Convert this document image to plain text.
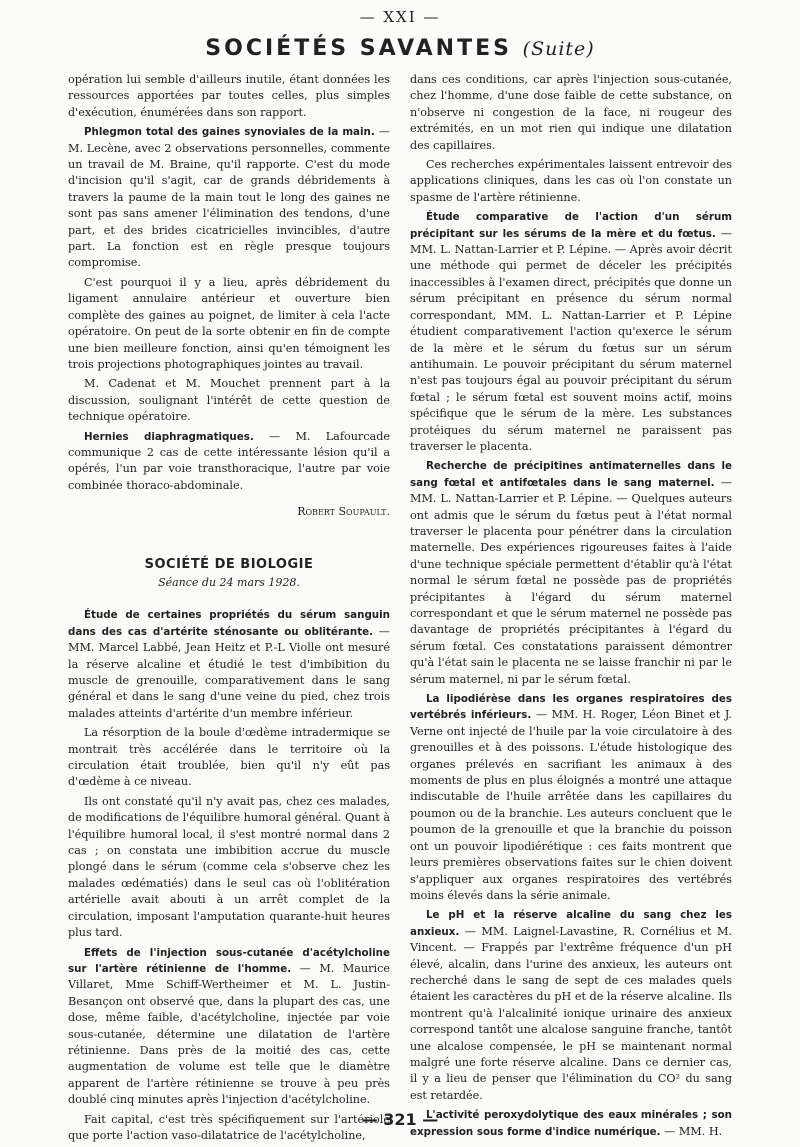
— XXI —
SOCIÉTÉS SAVANTES (Suite)

opération lui semble d'ailleurs inutile, étant données les ressources apportées par toutes celles, plus simples d'exécution, énumérées dans son rapport.

Phlegmon total des gaines synoviales de la main. — M. Lecène, avec 2 observations personnelles, commente un travail de M. Braine, qu'il rapporte. C'est du mode d'incision qu'il s'agit, car de grands débridements à travers la paume de la main tout le long des gaines ne sont pas sans amener l'élimination des tendons, d'une part, et des brides cicatricielles invincibles, d'autre part. La fonction est en règle presque toujours compromise.

C'est pourquoi il y a lieu, après débridement du ligament annulaire antérieur et ouverture bien complète des gaines au poignet, de limiter à cela l'acte opératoire. On peut de la sorte obtenir en fin de compte une bien meilleure fonction, ainsi qu'en témoignent les trois projections photographiques jointes au travail.

M. Cadenat et M. Mouchet prennent part à la discussion, soulignant l'intérêt de cette question de technique opératoire.

Hernies diaphragmatiques. — M. Lafourcade communique 2 cas de cette intéressante lésion qu'il a opérés, l'un par voie transthoracique, l'autre par voie combinée thoraco-abdominale.

Robert Soupault.
SOCIÉTÉ DE BIOLOGIE
Séance du 24 mars 1928.

Étude de certaines propriétés du sérum sanguin dans des cas d'artérite sténosante ou oblitérante. — MM. Marcel Labbé, Jean Heitz et P.-L Violle ont mesuré la réserve alcaline et étudié le test d'imbibition du muscle de grenouille, comparativement dans le sang général et dans le sang d'une veine du pied, chez trois malades atteints d'artérite d'un membre inférieur.

La résorption de la boule d'œdème intradermique se montrait très accélérée dans le territoire où la circulation était troublée, bien qu'il n'y eût pas d'œdème à ce niveau.

Ils ont constaté qu'il n'y avait pas, chez ces malades, de modifications de l'équilibre humoral général. Quant à l'équilibre humoral local, il s'est montré normal dans 2 cas ; on constata une imbibition accrue du muscle plongé dans le sérum (comme cela s'observe chez les malades œdématiés) dans le seul cas où l'oblitération artérielle avait abouti à un arrêt complet de la circulation, imposant l'amputation quarante-huit heures plus tard.

Effets de l'injection sous-cutanée d'acétylcholine sur l'artère rétinienne de l'homme. — M. Maurice Villaret, Mme Schiff-Wertheimer et M. L. Justin-Besançon ont observé que, dans la plupart des cas, une dose, même faible, d'acétylcholine, injectée par voie sous-cutanée, détermine une dilatation de l'artère rétinienne. Dans près de la moitié des cas, cette augmentation de volume est telle que le diamètre apparent de l'artère rétinienne se trouve à peu près doublé cinq minutes après l'injection d'acétylcholine.

Fait capital, c'est très spécifiquement sur l'artériole que porte l'action vaso-dilatatrice de l'acétylcholine,

dans ces conditions, car après l'injection sous-cutanée, chez l'homme, d'une dose faible de cette substance, on n'observe ni congestion de la face, ni rougeur des extrémités, en un mot rien qui indique une dilatation des capillaires.

Ces recherches expérimentales laissent entrevoir des applications cliniques, dans les cas où l'on constate un spasme de l'artère rétinienne.

Étude comparative de l'action d'un sérum précipitant sur les sérums de la mère et du fœtus. — MM. L. Nattan-Larrier et P. Lépine. — Après avoir décrit une méthode qui permet de déceler les précipités inaccessibles à l'examen direct, précipités que donne un sérum précipitant en présence du sérum normal correspondant, MM. L. Nattan-Larrier et P. Lépine étudient comparativement l'action qu'exerce le sérum de la mère et le sérum du fœtus sur un sérum antihumain. Le pouvoir précipitant du sérum maternel n'est pas toujours égal au pouvoir précipitant du sérum fœtal ; le sérum fœtal est souvent moins actif, moins spécifique que le sérum de la mère. Les substances protéiques du sérum maternel ne paraissent pas traverser le placenta.

Recherche de précipitines antimaternelles dans le sang fœtal et antifœtales dans le sang maternel. — MM. L. Nattan-Larrier et P. Lépine. — Quelques auteurs ont admis que le sérum du fœtus peut à l'état normal traverser le placenta pour pénétrer dans la circulation maternelle. Des expériences rigoureuses faites à l'aide d'une technique spéciale permettent d'établir qu'à l'état normal le sérum fœtal ne possède pas de propriétés précipitantes à l'égard du sérum maternel correspondant et que le sérum maternel ne possède pas davantage de propriétés précipitantes à l'égard du sérum fœtal. Ces constatations paraissent démontrer qu'à l'état sain le placenta ne se laisse franchir ni par le sérum maternel, ni par le sérum fœtal.

La lipodiérèse dans les organes respiratoires des vertébrés inférieurs. — MM. H. Roger, Léon Binet et J. Verne ont injecté de l'huile par la voie circulatoire à des grenouilles et à des poissons. L'étude histologique des organes prélevés en sacrifiant les animaux à des moments de plus en plus éloignés a montré une attaque indiscutable de l'huile arrêtée dans les capillaires du poumon ou de la branchie. Les auteurs concluent que le poumon de la grenouille et que la branchie du poisson ont un pouvoir lipodiérétique : ces faits montrent que leurs premières observations faites sur le chien doivent s'appliquer aux organes respiratoires des vertébrés moins élevés dans la série animale.

Le pH et la réserve alcaline du sang chez les anxieux. — MM. Laignel-Lavastine, R. Cornélius et M. Vincent. — Frappés par l'extrême fréquence d'un pH élevé, alcalin, dans l'urine des anxieux, les auteurs ont recherché dans le sang de sept de ces malades quels étaient les caractères du pH et de la réserve alcaline. Ils montrent qu'à l'alcalinité ionique urinaire des anxieux correspond tantôt une alcalose sanguine franche, tantôt une alcalose compensée, le pH se maintenant normal malgré une forte réserve alcaline. Dans ce dernier cas, il y a lieu de penser que l'élimination du CO² du sang est retardée.

L'activité peroxydolytique des eaux minérales ; son expression sous forme d'indice numérique. — MM. H.

— 321 —
